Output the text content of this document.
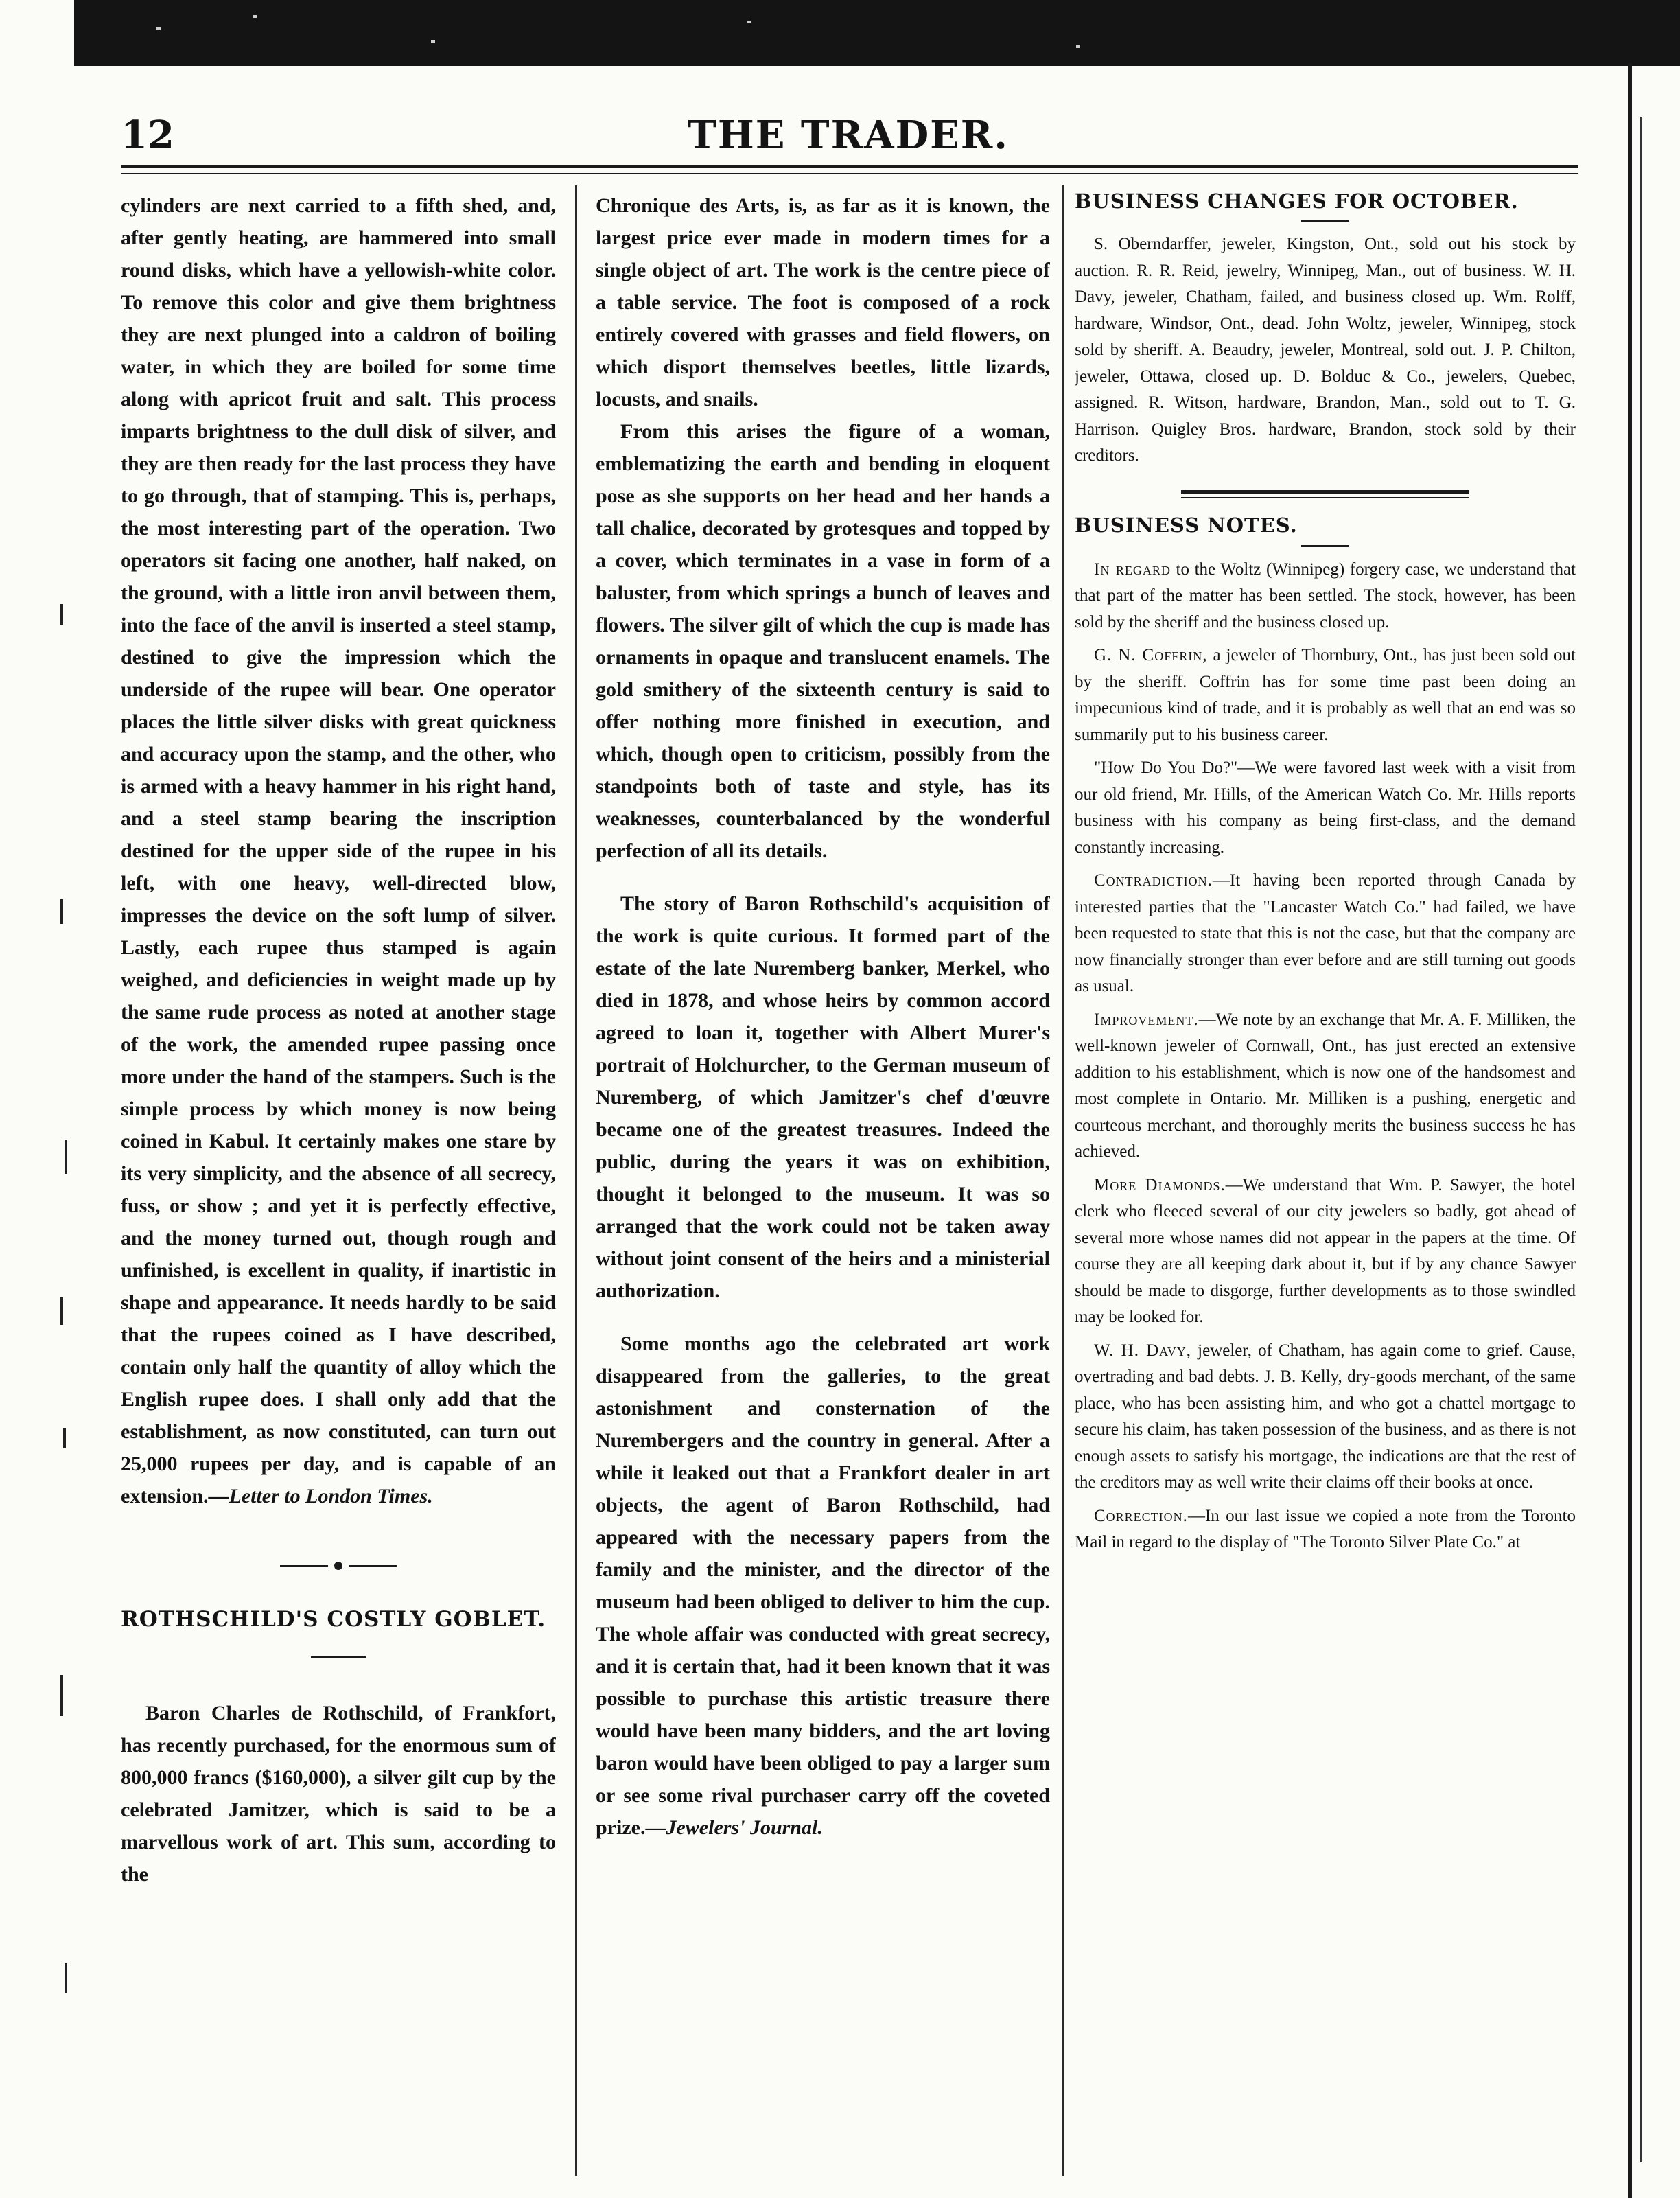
12	THE TRADER.

cylinders are next carried to a fifth shed, and, after gently heating, are hammered into small round disks, which have a yellowish-white color. To remove this color and give them brightness they are next plunged into a caldron of boiling water, in which they are boiled for some time along with apricot fruit and salt. This process imparts brightness to the dull disk of silver, and they are then ready for the last process they have to go through, that of stamping. This is, perhaps, the most interesting part of the operation. Two operators sit facing one another, half naked, on the ground, with a little iron anvil between them, into the face of the anvil is inserted a steel stamp, destined to give the impression which the underside of the rupee will bear. One operator places the little silver disks with great quickness and accuracy upon the stamp, and the other, who is armed with a heavy hammer in his right hand, and a steel stamp bearing the inscription destined for the upper side of the rupee in his left, with one heavy, well-directed blow, impresses the device on the soft lump of silver. Lastly, each rupee thus stamped is again weighed, and deficiencies in weight made up by the same rude process as noted at another stage of the work, the amended rupee passing once more under the hand of the stampers. Such is the simple process by which money is now being coined in Kabul. It certainly makes one stare by its very simplicity, and the absence of all secrecy, fuss, or show ; and yet it is perfectly effective, and the money turned out, though rough and unfinished, is excellent in quality, if inartistic in shape and appearance. It needs hardly to be said that the rupees coined as I have described, contain only half the quantity of alloy which the English rupee does. I shall only add that the establishment, as now constituted, can turn out 25,000 rupees per day, and is capable of an extension.—Letter to London Times.

ROTHSCHILD'S COSTLY GOBLET.

Baron Charles de Rothschild, of Frankfort, has recently purchased, for the enormous sum of 800,000 francs ($160,000), a silver gilt cup by the celebrated Jamitzer, which is said to be a marvellous work of art. This sum, according to the

Chronique des Arts, is, as far as it is known, the largest price ever made in modern times for a single object of art. The work is the centre piece of a table service. The foot is composed of a rock entirely covered with grasses and field flowers, on which disport themselves beetles, little lizards, locusts, and snails.

From this arises the figure of a woman, emblematizing the earth and bending in eloquent pose as she supports on her head and her hands a tall chalice, decorated by grotesques and topped by a cover, which terminates in a vase in form of a baluster, from which springs a bunch of leaves and flowers. The silver gilt of which the cup is made has ornaments in opaque and translucent enamels. The gold smithery of the sixteenth century is said to offer nothing more finished in execution, and which, though open to criticism, possibly from the standpoints both of taste and style, has its weaknesses, counterbalanced by the wonderful perfection of all its details.

The story of Baron Rothschild's acquisition of the work is quite curious. It formed part of the estate of the late Nuremberg banker, Merkel, who died in 1878, and whose heirs by common accord agreed to loan it, together with Albert Murer's portrait of Holchurcher, to the German museum of Nuremberg, of which Jamitzer's chef d'œuvre became one of the greatest treasures. Indeed the public, during the years it was on exhibition, thought it belonged to the museum. It was so arranged that the work could not be taken away without joint consent of the heirs and a ministerial authorization.

Some months ago the celebrated art work disappeared from the galleries, to the great astonishment and consternation of the Nurembergers and the country in general. After a while it leaked out that a Frankfort dealer in art objects, the agent of Baron Rothschild, had appeared with the necessary papers from the family and the minister, and the director of the museum had been obliged to deliver to him the cup. The whole affair was conducted with great secrecy, and it is certain that, had it been known that it was possible to purchase this artistic treasure there would have been many bidders, and the art loving baron would have been obliged to pay a larger sum or see some rival purchaser carry off the coveted prize.—Jewelers' Journal.

BUSINESS CHANGES FOR OCTOBER.

S. Oberndarffer, jeweler, Kingston, Ont., sold out his stock by auction. R. R. Reid, jewelry, Winnipeg, Man., out of business. W. H. Davy, jeweler, Chatham, failed, and business closed up. Wm. Rolff, hardware, Windsor, Ont., dead. John Woltz, jeweler, Winnipeg, stock sold by sheriff. A. Beaudry, jeweler, Montreal, sold out. J. P. Chilton, jeweler, Ottawa, closed up. D. Bolduc & Co., jewelers, Quebec, assigned. R. Witson, hardware, Brandon, Man., sold out to T. G. Harrison. Quigley Bros. hardware, Brandon, stock sold by their creditors.

BUSINESS NOTES.

In regard to the Woltz (Winnipeg) forgery case, we understand that that part of the matter has been settled. The stock, however, has been sold by the sheriff and the business closed up.

G. N. Coffrin, a jeweler of Thornbury, Ont., has just been sold out by the sheriff. Coffrin has for some time past been doing an impecunious kind of trade, and it is probably as well that an end was so summarily put to his business career.

"How Do You Do?"—We were favored last week with a visit from our old friend, Mr. Hills, of the American Watch Co. Mr. Hills reports business with his company as being first-class, and the demand constantly increasing.

Contradiction.—It having been reported through Canada by interested parties that the "Lancaster Watch Co." had failed, we have been requested to state that this is not the case, but that the company are now financially stronger than ever before and are still turning out goods as usual.

Improvement.—We note by an exchange that Mr. A. F. Milliken, the well-known jeweler of Cornwall, Ont., has just erected an extensive addition to his establishment, which is now one of the handsomest and most complete in Ontario. Mr. Milliken is a pushing, energetic and courteous merchant, and thoroughly merits the business success he has achieved.

More Diamonds.—We understand that Wm. P. Sawyer, the hotel clerk who fleeced several of our city jewelers so badly, got ahead of several more whose names did not appear in the papers at the time. Of course they are all keeping dark about it, but if by any chance Sawyer should be made to disgorge, further developments as to those swindled may be looked for.

W. H. Davy, jeweler, of Chatham, has again come to grief. Cause, overtrading and bad debts. J. B. Kelly, dry-goods merchant, of the same place, who has been assisting him, and who got a chattel mortgage to secure his claim, has taken possession of the business, and as there is not enough assets to satisfy his mortgage, the indications are that the rest of the creditors may as well write their claims off their books at once.

Correction.—In our last issue we copied a note from the Toronto Mail in regard to the display of "The Toronto Silver Plate Co." at
